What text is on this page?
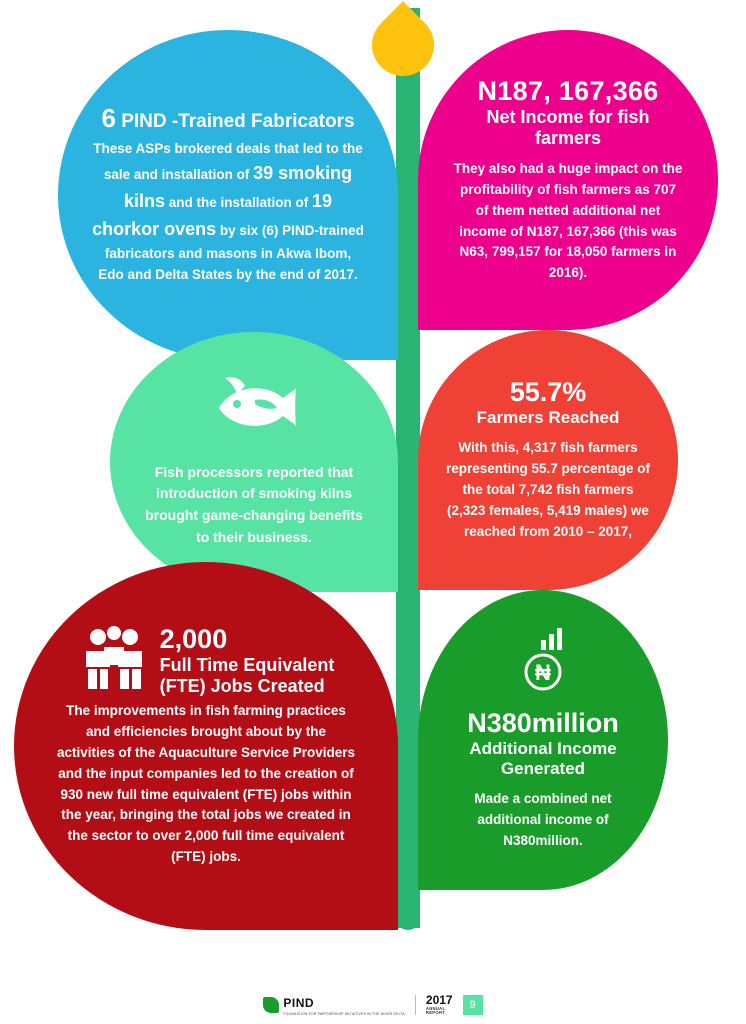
6 PIND -Trained Fabricators
These ASPs brokered deals that led to the sale and installation of 39 smoking kilns and the installation of 19 chorkor ovens by six (6) PIND-trained fabricators and masons in Akwa Ibom, Edo and Delta States by the end of 2017.
N187, 167,366
Net Income for fish farmers
They also had a huge impact on the profitability of fish farmers as 707 of them netted additional net income of N187, 167,366 (this was N63, 799,157 for 18,050 farmers in 2016).
Fish processors reported that introduction of smoking kilns brought game-changing benefits to their business.
55.7%
Farmers Reached
With this, 4,317 fish farmers representing 55.7 percentage of the total 7,742 fish farmers (2,323 females, 5,419 males) we reached from 2010 – 2017,
2,000
Full Time Equivalent
(FTE) Jobs Created
The improvements in fish farming practices and efficiencies brought about by the activities of the Aquaculture Service Providers and the input companies led to the creation of 930 new full time equivalent (FTE) jobs within the year, bringing the total jobs we created in the sector to over 2,000 full time equivalent (FTE) jobs.
₦
N380million
Additional Income
Generated
Made a combined net additional income of N380million.
PIND
FOUNDATION FOR PARTNERSHIP INITIATIVES IN THE NIGER DELTA
2017
ANNUAL
REPORT
9
